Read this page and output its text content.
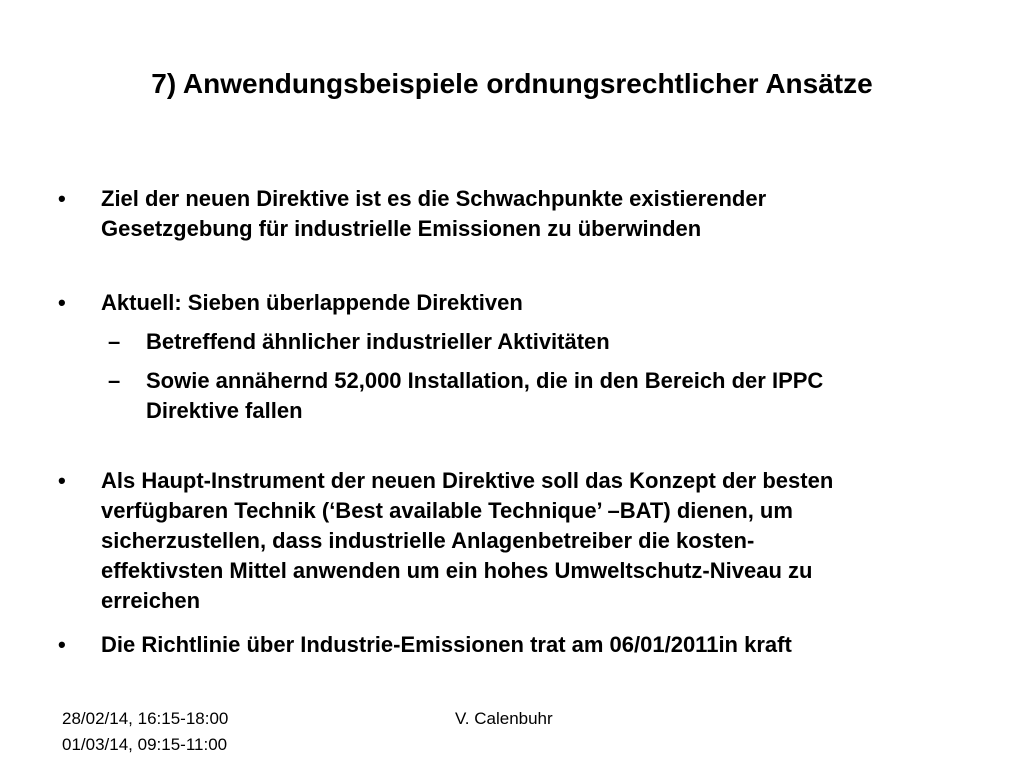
7) Anwendungsbeispiele ordnungsrechtlicher Ansätze
• Ziel der neuen Direktive ist es die Schwachpunkte existierender
Gesetzgebung für industrielle Emissionen zu überwinden
• Aktuell: Sieben überlappende Direktiven
– Betreffend ähnlicher industrieller Aktivitäten
– Sowie annähernd 52,000 Installation, die in den Bereich der IPPC
Direktive fallen
• Als Haupt-Instrument der neuen Direktive soll das Konzept der besten
verfügbaren Technik (‘Best available Technique’ –BAT) dienen, um
sicherzustellen, dass industrielle Anlagenbetreiber die kosten-
effektivsten Mittel anwenden um ein hohes Umweltschutz-Niveau zu
erreichen
• Die Richtlinie über Industrie-Emissionen trat am 06/01/2011in kraft
28/02/14, 16:15-18:00
01/03/14, 09:15-11:00
V. Calenbuhr
